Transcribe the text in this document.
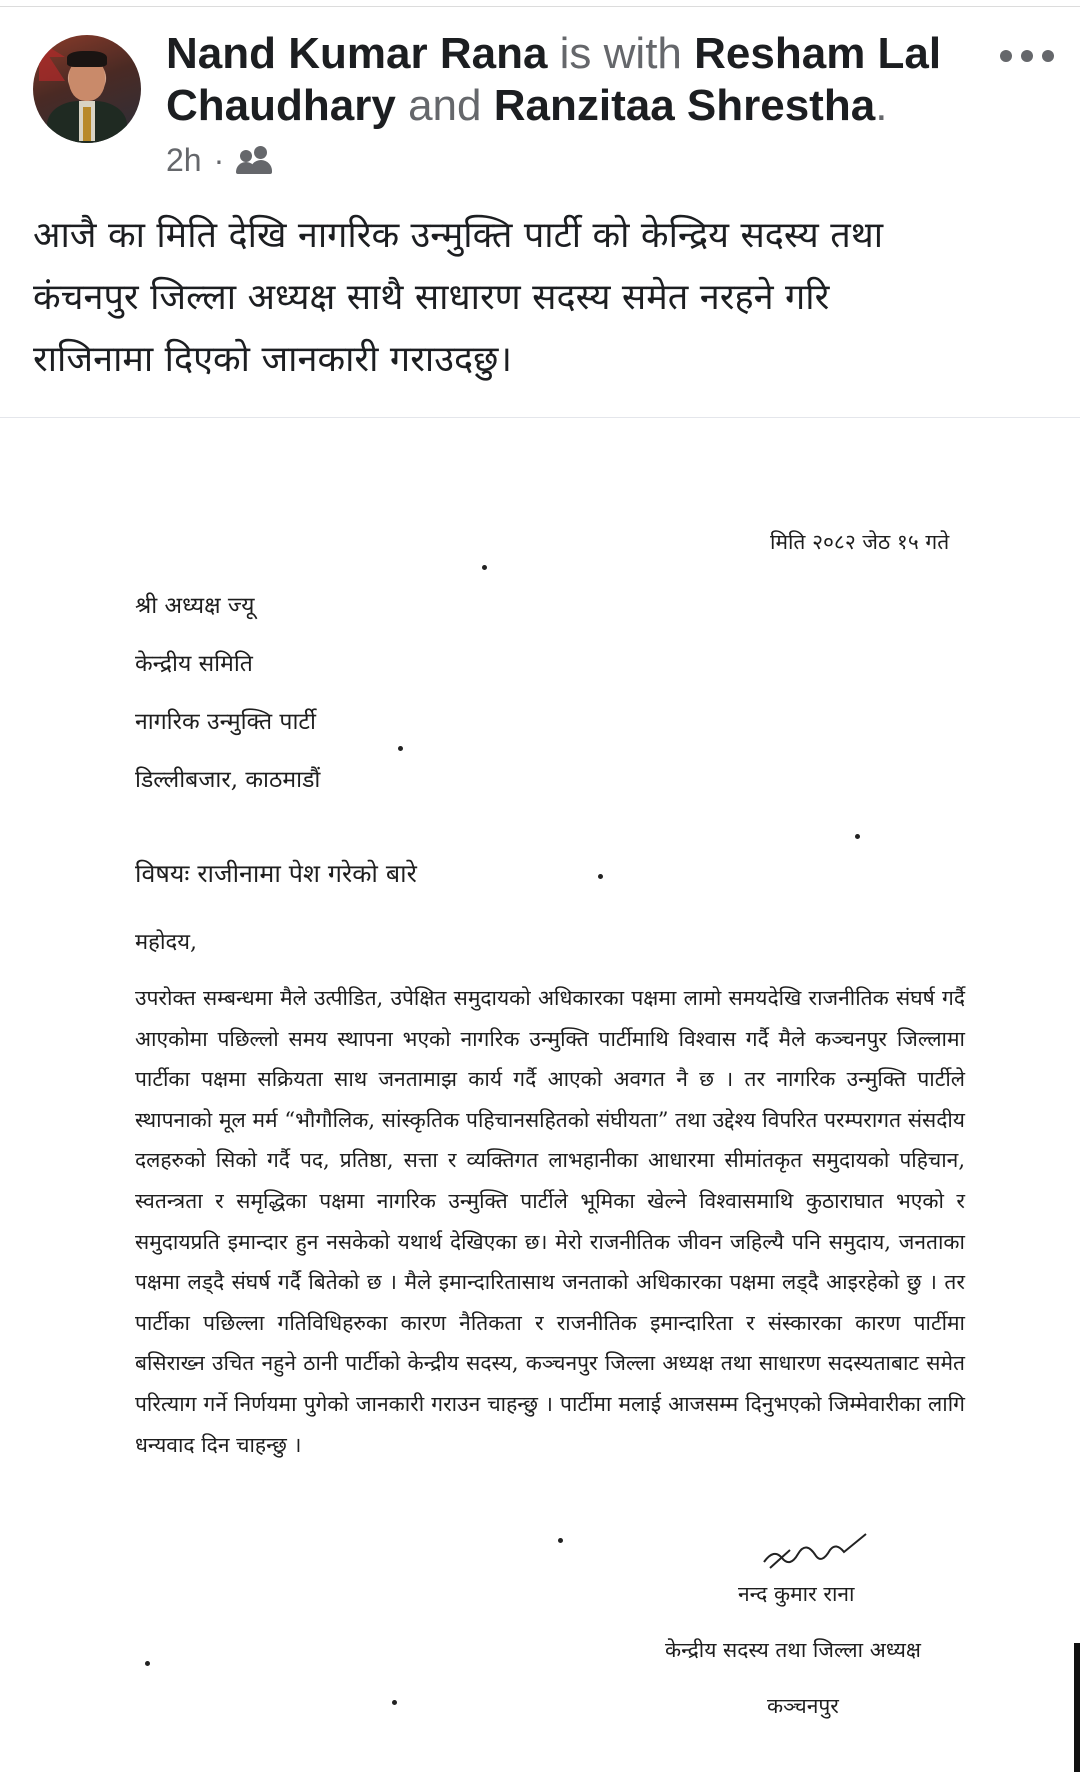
Nand Kumar Rana is with Resham Lal Chaudhary and Ranzitaa Shrestha.
2h ·
आजै का मिति देखि नागरिक उन्मुक्ति पार्टी को केन्द्रिय सदस्य तथा
कंचनपुर जिल्ला अध्यक्ष साथै साधारण सदस्य समेत नरहने गरि
राजिनामा दिएको जानकारी गराउदछु।
मिति २०८२ जेठ १५ गते
श्री अध्यक्ष ज्यू
केन्द्रीय समिति
नागरिक उन्मुक्ति पार्टी
डिल्लीबजार, काठमाडौं
विषयः राजीनामा पेश गरेको बारे
महोदय,
उपरोक्त सम्बन्धमा मैले उत्पीडित, उपेक्षित समुदायको अधिकारका पक्षमा लामो समयदेखि राजनीतिक संघर्ष गर्दै आएकोमा पछिल्लो समय स्थापना भएको नागरिक उन्मुक्ति पार्टीमाथि विश्वास गर्दै मैले कञ्चनपुर जिल्लामा पार्टीका पक्षमा सक्रियता साथ जनतामाझ कार्य गर्दै आएको अवगत नै छ । तर नागरिक उन्मुक्ति पार्टीले स्थापनाको मूल मर्म “भौगौलिक, सांस्कृतिक पहिचानसहितको संघीयता” तथा उद्देश्य विपरित परम्परागत संसदीय दलहरुको सिको गर्दै पद, प्रतिष्ठा, सत्ता र व्यक्तिगत लाभहानीका आधारमा सीमांतकृत समुदायको पहिचान, स्वतन्त्रता र समृद्धिका पक्षमा नागरिक उन्मुक्ति पार्टीले भूमिका खेल्ने विश्वासमाथि कुठाराघात भएको र समुदायप्रति इमान्दार हुन नसकेको यथार्थ देखिएका छ। मेरो राजनीतिक जीवन जहिल्यै पनि समुदाय, जनताका पक्षमा लड्दै संघर्ष गर्दै बितेको छ । मैले इमान्दारितासाथ जनताको अधिकारका पक्षमा लड्दै आइरहेको छु । तर पार्टीका पछिल्ला गतिविधिहरुका कारण नैतिकता र राजनीतिक इमान्दारिता र संस्कारका कारण पार्टीमा बसिराख्न उचित नहुने ठानी पार्टीको केन्द्रीय सदस्य, कञ्चनपुर जिल्ला अध्यक्ष तथा साधारण सदस्यताबाट समेत परित्याग गर्ने निर्णयमा पुगेको जानकारी गराउन चाहन्छु । पार्टीमा मलाई आजसम्म दिनुभएको जिम्मेवारीका लागि धन्यवाद दिन चाहन्छु ।
नन्द कुमार राना
केन्द्रीय सदस्य तथा जिल्ला अध्यक्ष
कञ्चनपुर
